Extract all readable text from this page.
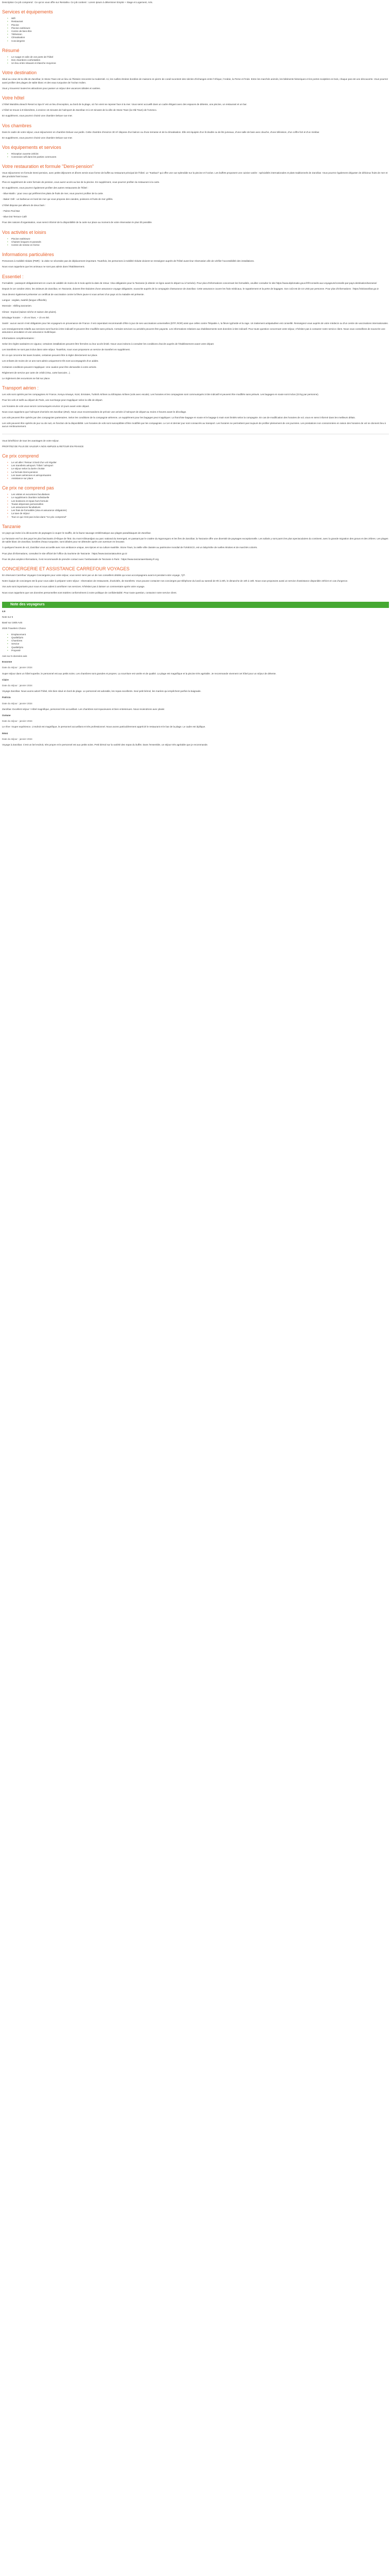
Description Ce job comprend : Ce qu'on vous offre sur Rentalinv. Ce job contient : Lorem ipsum à déterminer Emploi + Stage et Logement, Arts.

Services et équipements
• Wifi
• Restaurant
• Piscine
• Piscine extérieure
• Centre de bien-être
• Télévision
• Climatisation
• Conciergerie
Résumé
• Le nuage et voile de vos porte de l'hôtel
• Des chambres confortables
• Un lieu entre relaxant et étanche moyenne
Votre destination

Situé au cœur de la ville de Zanzibar, le Stone Town est un lieu où l'histoire rencontre la modernité. Ici, les ruelles étroites bordées de maisons en pierre de corail racontent des siècles d'échanges entre l'Afrique, l'Arabie, la Perse et l'Inde. Entre les marchés animés, les bâtiments historiques et les portes sculptées en bois, chaque pas est une découverte. Vous pourrez aussi profiter des plages de sable blanc et des eaux turquoise de l'océan Indien.

Vous y trouverez toutes les attractions pour passer un séjour des vacances idéales et variées.

Votre hôtel

L'hôtel Waridimu Beach Resort & Spa 5* est un lieu d'exception, au bord de la plage, où l'on vient se reposer face à la mer. Vous serez accueilli dans un cadre élégant avec des espaces de détente, une piscine, un restaurant et un bar.

L'hôtel se trouve à 8 kilomètres, à environ 15 minutes de l'aéroport de Zanzibar et à 10 minutes de la ville de Stone Town (la Old Town) de l'Unesco.

En supplément, vous pourrez choisir une chambre Deluxe vue mer.

Vos chambres

Dans le cadre de votre séjour, vous séjournerez en chambre Deluxe vue jardin. Cette chambre d'environ 30 m² dispose d'un balcon ou d'une terrasse et de la climatisation. Elle est équipée d'un lit double ou de lits jumeaux, d'une salle de bain avec douche, d'une télévision, d'un coffre-fort et d'un minibar.

En supplément, vous pourrez choisir une chambre Deluxe vue mer.

Vos équipements et services
• Réception ouverte 24h/24
• Connexion wifi dans les parties communes
Votre restauration et formule "Demi-pension"

Vous séjournerez en formule Demi-pension, avec petits-déjeuners et dîners servis sous forme de buffet au restaurant principal de l'hôtel. Le "Kaskazi" qui offre une vue splendide sur la piscine et l'océan. Les buffets proposent une cuisine variée : spécialités internationales et plats traditionnels de Zanzibar. Vous pourrez également déguster de délicieux fruits de mer et des produits frais locaux.

Plus en supplément de votre formule de pension, vous aurez accès au bar de la piscine. En supplément, vous pourrez profiter du restaurant à la carte.

En supplément, vous pourrez également profiter des autres restaurants de l'hôtel :

- Blue Marlin : pour ceux qui préfèrent les plats de fruits de mer, vous pourrez profiter de la carte.

- Baker Grill : un barbecue en bord de mer qui vous propose des viandes, poissons et fruits de mer grillés.

L'hôtel dispose par ailleurs de deux bars :

- Palms Pool Bar

- Blue Dot Terrace Café

Pour des raisons d'organisation, vous serez informé de la disponibilité de la carte sur place au moment de votre réservation le plus tôt possible.

Vos activités et loisirs
• Piscine extérieure
• Chaises longues et parasols
• Centre de remise en forme
Informations particulières

Personnes à mobilité réduite (PMR) : la visite ne nécessite pas de déplacement important. Toutefois, les personnes à mobilité réduite doivent se renseigner auprès de l'hôtel avant leur réservation afin de vérifier l'accessibilité des installations.

Nous vous rappelons que les animaux ne sont pas admis dans l'établissement.

Essentiel :

Formalités : passeport obligatoirement en cours de validité de moins de 6 mois après la date de retour. Visa obligatoire pour la Tanzanie (à obtenir en ligne avant le départ ou à l'arrivée). Pour plus d'informations concernant les formalités, veuillez consulter le site https://www.diplomatie.gouv.fr/fr/conseils-aux-voyageurs/conseils-par-pays-destination/tanzanie/

Depuis le 1er octobre 2024, les visiteurs de Zanzibar, en Tanzanie, doivent être titulaires d'une assurance voyage obligatoire, souscrite auprès de la compagnie d'assurance de Zanzibar. Cette assurance couvre les frais médicaux, le rapatriement et la perte de bagages. Son coût est de 44 USD par personne. Pour plus d'informations : https://visitzanzibar.go.tz

Vous devrez également présenter un certificat de vaccination contre la fièvre jaune si vous arrivez d'un pays où la maladie est présente.

Langue : anglais, swahili (langue officielle).

Monnaie : shilling tanzanien.

Climat : tropical (saison sèche et saison des pluies).

Décalage horaire : + 2h en hiver, + 1h en été.

Santé : aucun vaccin n'est obligatoire pour les voyageurs en provenance de France. Il est cependant recommandé d'être à jour de ses vaccinations universelles (DTP, ROR) ainsi que celles contre l'hépatite A, la fièvre typhoïde et la rage. Un traitement antipaludéen est conseillé. Renseignez-vous auprès de votre médecin ou d'un centre de vaccinations internationales.

Les renseignements relatifs aux services sont fournis à titre indicatif et peuvent être modifiés sans préavis. Certains services ou activités peuvent être payants. Les informations relatives aux établissements sont données à titre indicatif. Pour toute question concernant votre séjour, n'hésitez pas à contacter notre service client. Nous vous conseillons de souscrire une assurance annulation et une assurance multirisque.

Informations complémentaires :

Selon les règles sanitaires en vigueur, certaines installations peuvent être fermées ou leur accès limité. Nous vous invitons à consulter les conditions d'accès auprès de l'établissement avant votre départ.

Les transferts ne sont pas inclus dans votre séjour. Toutefois, nous vous proposons un service de transfert en supplément.

En ce qui concerne les taxes locales, certaines peuvent être à régler directement sur place.

Les enfants de moins de 12 ans sont admis uniquement s'ils sont accompagnés d'un adulte.

Certaines conditions peuvent s'appliquer. Une caution peut être demandée à votre arrivée.

Réglement de service par carte de crédit (Visa, carte bancaire...).

Le règlement des excursions se fait sur place.

Transport aérien :

Les vols sont opérés par les compagnies Air France, Kenya Airways, KLM, Emirates, Turkish Airlines ou Ethiopian Airlines (vols avec escale). Les horaires et les compagnies sont communiqués à titre indicatif et peuvent être modifiés sans préavis. Les bagages en soute sont inclus (23 kg par personne).

Pour les vols et tarifs au départ de Paris, une surcharge peut s'appliquer selon la ville de départ.

Les horaires de vols vous seront communiqués environ 10 jours avant votre départ.

Nous vous rappelons que l'aéroport d'arrivée est Zanzibar (ZNZ). Nous vous recommandons de prévoir une arrivée à l'aéroport de départ au moins 3 heures avant le décollage.

Les vols peuvent être opérés par des compagnies partenaires. Selon les conditions de la compagnie aérienne, un supplément pour les bagages peut s'appliquer. La franchise bagage en soute et le bagage à main sont limités selon la compagnie. En cas de modification des horaires de vol, vous en serez informé dans les meilleurs délais.

Les vols peuvent être opérés de jour ou de nuit, en fonction de la disponibilité. Les horaires de vols sont susceptibles d'être modifiés par les compagnies. Le 1er et dernier jour sont consacrés au transport. Les horaires ne permettent pas toujours de profiter pleinement de ces journées. Les prestations non consommées en raison des horaires de vol ne donnent lieu à aucun remboursement.

Vous bénéficiez de tous les avantages de votre séjour.

PROFITEZ DE PLUS DE VALEUR A NOS AMPLES & RETOUR EN FRANCE

Ce prix comprend
• Le vol aller / Retour à bord d'un vol régulier
• Les transferts aéroport / hôtel / aéroport
• Le séjour selon la durée choisie
• La formule Demi-pension
• Les taxes aériennes et aéroportuaires
• Assistance sur place
Ce prix ne comprend pas
• Les visites et excursions facultatives
• Le supplément chambre individuelle
• Les boissons et repas hors formule
• Toutes dépenses personnelles
• Les assurances facultatives
• Les frais de formalités (visa et assurance obligatoire)
• La taxe de séjour
• Tout ce qui n'est pas inclus dans "Ce prix comprend"
Tanzanie

Un pays qui invite à la découverte de paysages à couper le souffle, de la faune sauvage emblématique aux plages paradisiaques de Zanzibar.

La Tanzanie est l'un des pays les plus fascinants d'Afrique de l'Est. Du mont Kilimandjaro au parc national du Serengeti, en passant par le cratère du Ngorongoro et les îles de Zanzibar, la Tanzanie offre une diversité de paysages exceptionnelle. Les safaris y sont parmi les plus spectaculaires du continent, avec la grande migration des gnous et des zèbres. Les plages de sable blanc de Zanzibar, bordées d'eaux turquoise, sont idéales pour se détendre après une aventure en brousse.

À quelques heures de vol, Zanzibar vous accueille avec son ambiance unique, ses épices et sa culture swahilie. Stone Town, la vieille ville classée au patrimoine mondial de l'UNESCO, est un labyrinthe de ruelles étroites et de marchés colorés.

Pour plus d'informations, consultez le site officiel de l'office du tourisme de Tanzanie : https://www.tanzaniatourism.go.tz

Pour de plus amples informations, il est recommandé de prendre contact avec l'ambassade de Tanzanie à Paris : https://www.tanzaniaembassy-fr.org

CONCIERGERIE ET ASSISTANCE CARREFOUR VOYAGES

En réservant Carrefour Voyages Conciergerie pour votre séjour, vous serez servi par un de nos conseillers dédiés qui vous accompagnera avant et pendant votre voyage, 7j/7.

Notre équipe de concierges est là pour vous aider à préparer votre séjour : réservation de restaurants, d'activités, de transferts. Vous pouvez contacter nos concierges par téléphone du lundi au samedi de 9h à 20h, le dimanche de 10h à 18h. Nous vous proposons aussi un service d'assistance disponible 24h/24 en cas d'urgence.

Vos avis sont importants pour nous et nous aident à améliorer nos services. N'hésitez pas à laisser un commentaire après votre voyage.

Nous vous rappelons que vos données personnelles sont traitées conformément à notre politique de confidentialité. Pour toute question, contactez notre service client.

Note des voyageurs

4.6

Note sur 5

Basé sur 1805 Avis

2025 Travelers Choice

• Emplacement
• Qualité/prix
• Chambres
• Service
• Qualité/prix
• Propreté

Avis sur 5 données avis

Essonne

Date du séjour : janvier 2024

Super séjour dans un hôtel superbe, le personnel est aux petits soins. Les chambres sont grandes et propres. La nourriture est variée et de qualité. La plage est magnifique et la piscine très agréable. Je recommande vivement cet hôtel pour un séjour de détente.

Claire

Date du séjour : janvier 2024

Voyage Zanzibar. Nous avons adoré l'hôtel, très bien situé en bord de plage. Le personnel est adorable, les repas excellents. Seul petit bémol, les marées qui empêchent parfois la baignade.

Patricia

Date du séjour : janvier 2024

Zanzibar. Excellent séjour ! Hôtel magnifique, personnel très accueillant. Les chambres sont spacieuses et bien entretenues. Nous reviendrons avec plaisir.

Océane

Date du séjour : janvier 2024

Le rêve ! Super expérience. L'endroit est magnifique, le personnel accueillant et très professionnel. Nous avons particulièrement apprécié le restaurant et le bar de la plage. Le cadre est idyllique.

Rémi

Date du séjour : janvier 2024

Voyage à Zanzibar. C'est un bel endroit, très propre et le personnel est aux petits soins. Petit bémol sur la variété des repas du buffet. Dans l'ensemble, un séjour très agréable que je recommande.
